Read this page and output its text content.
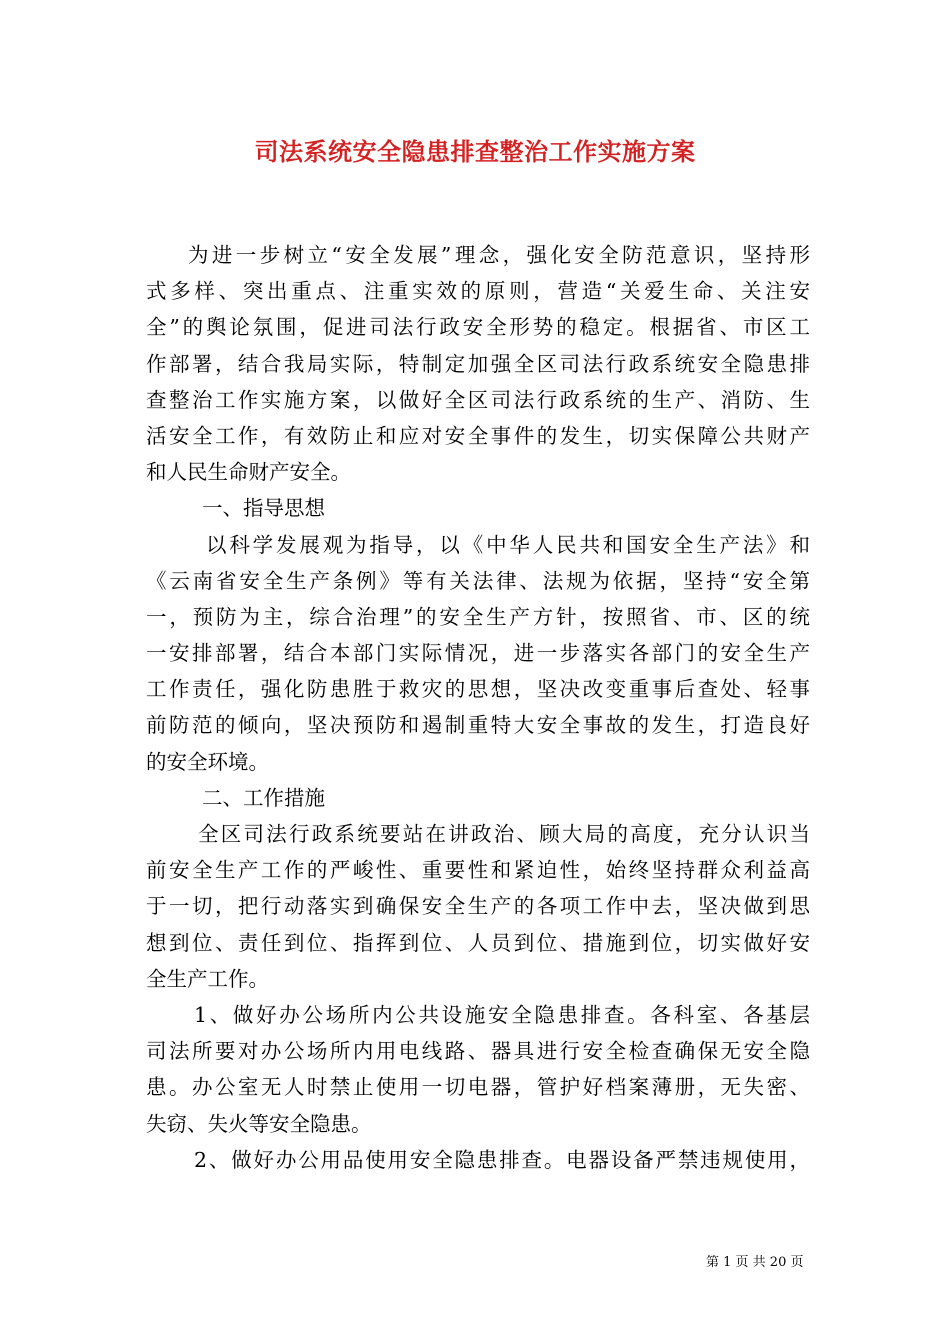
司法系统安全隐患排查整治工作实施方案
为进一步树立“安全发展”理念，强化安全防范意识，坚持形
式多样、突出重点、注重实效的原则，营造“关爱生命、关注安
全”的舆论氛围，促进司法行政安全形势的稳定。根据省、市区工
作部署，结合我局实际，特制定加强全区司法行政系统安全隐患排
查整治工作实施方案，以做好全区司法行政系统的生产、消防、生
活安全工作，有效防止和应对安全事件的发生，切实保障公共财产
和人民生命财产安全。
一、指导思想
以科学发展观为指导，以《中华人民共和国安全生产法》和
《云南省安全生产条例》等有关法律、法规为依据，坚持“安全第
一，预防为主，综合治理”的安全生产方针，按照省、市、区的统
一安排部署，结合本部门实际情况，进一步落实各部门的安全生产
工作责任，强化防患胜于救灾的思想，坚决改变重事后查处、轻事
前防范的倾向，坚决预防和遏制重特大安全事故的发生，打造良好
的安全环境。
二、工作措施
全区司法行政系统要站在讲政治、顾大局的高度，充分认识当
前安全生产工作的严峻性、重要性和紧迫性，始终坚持群众利益高
于一切，把行动落实到确保安全生产的各项工作中去，坚决做到思
想到位、责任到位、指挥到位、人员到位、措施到位，切实做好安
全生产工作。
1、做好办公场所内公共设施安全隐患排查。各科室、各基层
司法所要对办公场所内用电线路、器具进行安全检查确保无安全隐
患。办公室无人时禁止使用一切电器，管护好档案薄册，无失密、
失窃、失火等安全隐患。
2、做好办公用品使用安全隐患排查。电器设备严禁违规使用，
第 1 页 共 20 页
